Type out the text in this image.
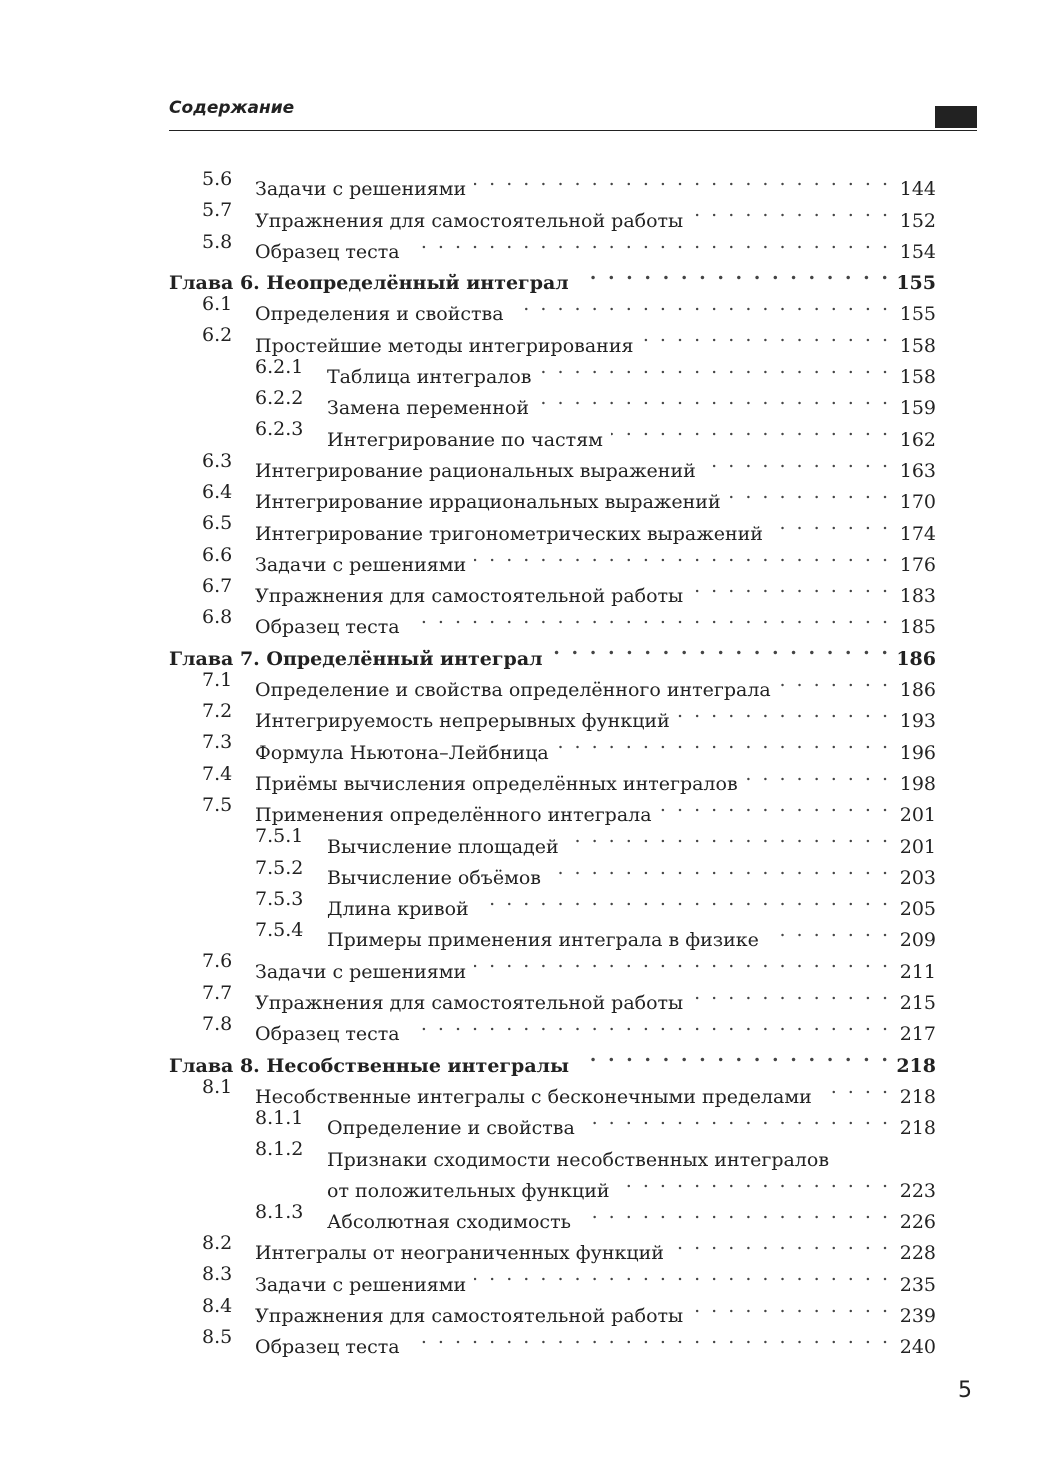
Содержание
5.6 Задачи с решениями . . .	144
5.7 Упражнения для самостоятельной работы . . .	152
5.8 Образец теста . . .	154
Глава 6. Неопределённый интеграл . . .	155
6.1 Определения и свойства . . .	155
6.2 Простейшие методы интегрирования . . .	158
6.2.1 Таблица интегралов . . .	158
6.2.2 Замена переменной . . .	159
6.2.3 Интегрирование по частям . . .	162
6.3 Интегрирование рациональных выражений . . .	163
6.4 Интегрирование иррациональных выражений . . .	170
6.5 Интегрирование тригонометрических выражений . . .	174
6.6 Задачи с решениями . . .	176
6.7 Упражнения для самостоятельной работы . . .	183
6.8 Образец теста . . .	185
Глава 7. Определённый интеграл . . .	186
7.1 Определение и свойства определённого интеграла . . .	186
7.2 Интегрируемость непрерывных функций . . .	193
7.3 Формула Ньютона–Лейбница . . .	196
7.4 Приёмы вычисления определённых интегралов . . .	198
7.5 Применения определённого интеграла . . .	201
7.5.1 Вычисление площадей . . .	201
7.5.2 Вычисление объёмов . . .	203
7.5.3 Длина кривой . . .	205
7.5.4 Примеры применения интеграла в физике . . .	209
7.6 Задачи с решениями . . .	211
7.7 Упражнения для самостоятельной работы . . .	215
7.8 Образец теста . . .	217
Глава 8. Несобственные интегралы . . .	218
8.1 Несобственные интегралы с бесконечными пределами . . .	218
8.1.1 Определение и свойства . . .	218
8.1.2 Признаки сходимости несобственных интегралов
от положительных функций . . .	223
8.1.3 Абсолютная сходимость . . .	226
8.2 Интегралы от неограниченных функций . . .	228
8.3 Задачи с решениями . . .	235
8.4 Упражнения для самостоятельной работы . . .	239
8.5 Образец теста . . .	240
5
